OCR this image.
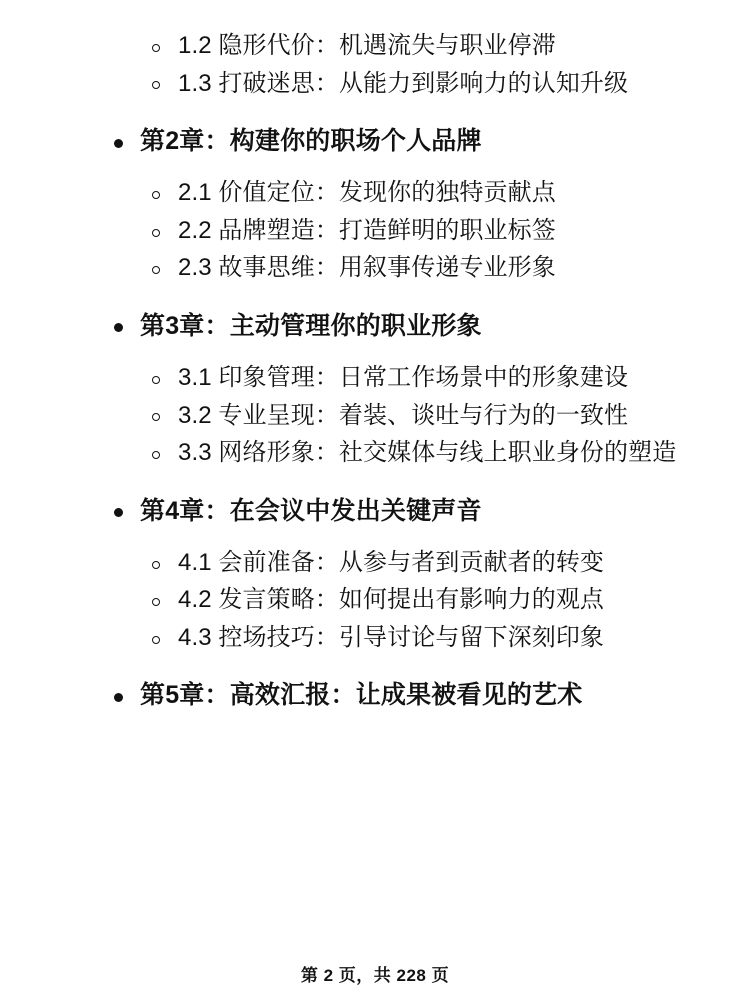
1.2 隐形代价：机遇流失与职业停滞
1.3 打破迷思：从能力到影响力的认知升级
第2章：构建你的职场个人品牌
2.1 价值定位：发现你的独特贡献点
2.2 品牌塑造：打造鲜明的职业标签
2.3 故事思维：用叙事传递专业形象
第3章：主动管理你的职业形象
3.1 印象管理：日常工作场景中的形象建设
3.2 专业呈现：着装、谈吐与行为的一致性
3.3 网络形象：社交媒体与线上职业身份的塑造
第4章：在会议中发出关键声音
4.1 会前准备：从参与者到贡献者的转变
4.2 发言策略：如何提出有影响力的观点
4.3 控场技巧：引导讨论与留下深刻印象
第5章：高效汇报：让成果被看见的艺术
第 2 页，共 228 页
